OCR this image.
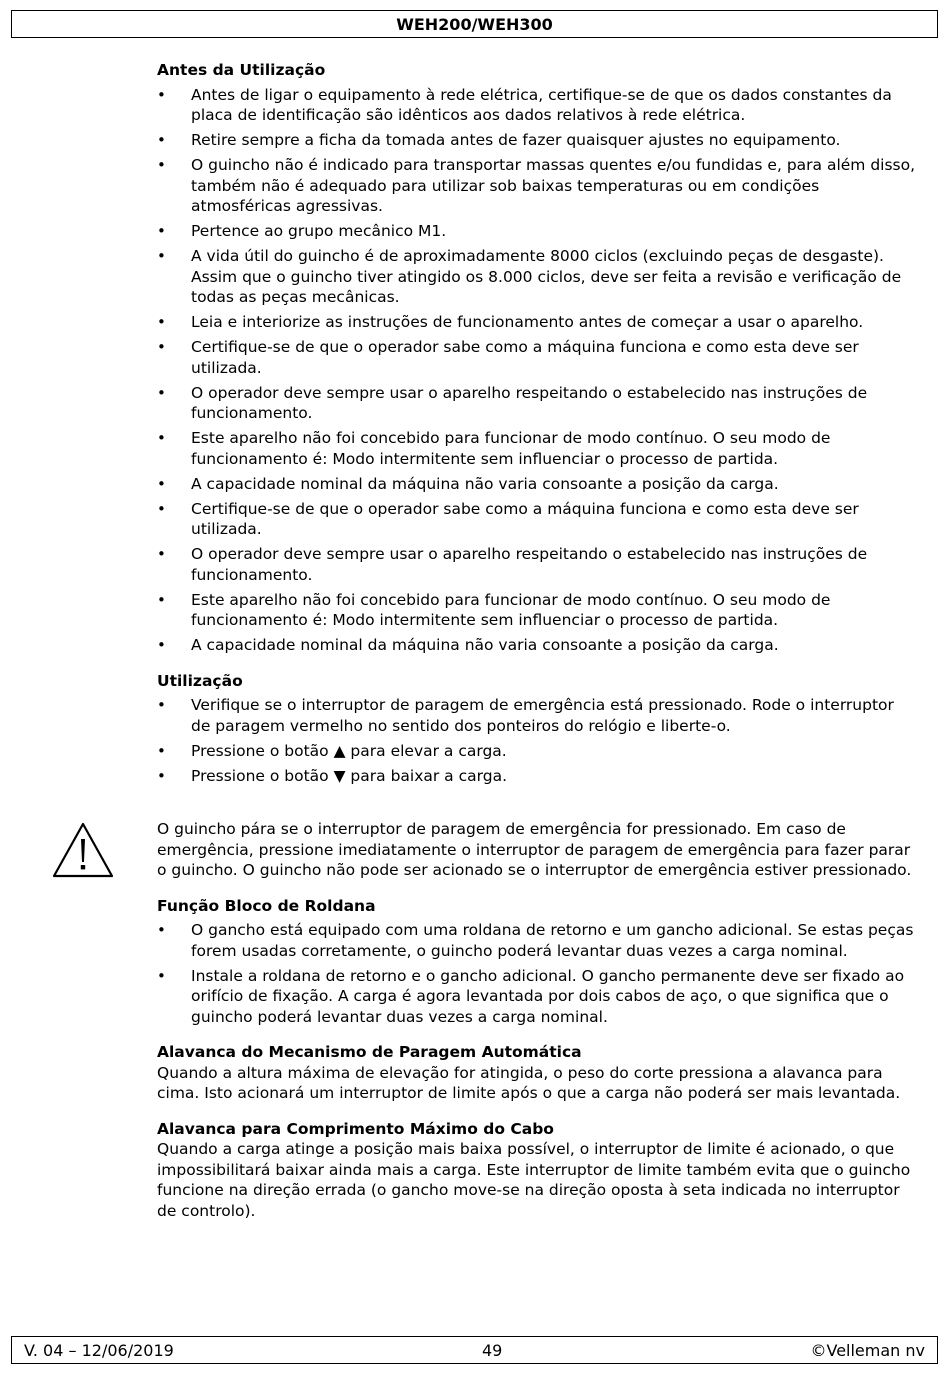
WEH200/WEH300
Antes da Utilização
• Antes de ligar o equipamento à rede elétrica, certifique-se de que os dados constantes da placa de identificação são idênticos aos dados relativos à rede elétrica.
• Retire sempre a ficha da tomada antes de fazer quaisquer ajustes no equipamento.
• O guincho não é indicado para transportar massas quentes e/ou fundidas e, para além disso, também não é adequado para utilizar sob baixas temperaturas ou em condições atmosféricas agressivas.
• Pertence ao grupo mecânico M1.
• A vida útil do guincho é de aproximadamente 8000 ciclos (excluindo peças de desgaste). Assim que o guincho tiver atingido os 8.000 ciclos, deve ser feita a revisão e verificação de todas as peças mecânicas.
• Leia e interiorize as instruções de funcionamento antes de começar a usar o aparelho.
• Certifique-se de que o operador sabe como a máquina funciona e como esta deve ser utilizada.
• O operador deve sempre usar o aparelho respeitando o estabelecido nas instruções de funcionamento.
• Este aparelho não foi concebido para funcionar de modo contínuo. O seu modo de funcionamento é: Modo intermitente sem influenciar o processo de partida.
• A capacidade nominal da máquina não varia consoante a posição da carga.
• Certifique-se de que o operador sabe como a máquina funciona e como esta deve ser utilizada.
• O operador deve sempre usar o aparelho respeitando o estabelecido nas instruções de funcionamento.
• Este aparelho não foi concebido para funcionar de modo contínuo. O seu modo de funcionamento é: Modo intermitente sem influenciar o processo de partida.
• A capacidade nominal da máquina não varia consoante a posição da carga.
Utilização
• Verifique se o interruptor de paragem de emergência está pressionado. Rode o interruptor de paragem vermelho no sentido dos ponteiros do relógio e liberte-o.
• Pressione o botão ▲ para elevar a carga.
• Pressione o botão ▼ para baixar a carga.

O guincho pára se o interruptor de paragem de emergência for pressionado. Em caso de emergência, pressione imediatamente o interruptor de paragem de emergência para fazer parar o guincho. O guincho não pode ser acionado se o interruptor de emergência estiver pressionado.

Função Bloco de Roldana
• O gancho está equipado com uma roldana de retorno e um gancho adicional. Se estas peças forem usadas corretamente, o guincho poderá levantar duas vezes a carga nominal.
• Instale a roldana de retorno e o gancho adicional. O gancho permanente deve ser fixado ao orifício de fixação. A carga é agora levantada por dois cabos de aço, o que significa que o guincho poderá levantar duas vezes a carga nominal.
Alavanca do Mecanismo de Paragem Automática

Quando a altura máxima de elevação for atingida, o peso do corte pressiona a alavanca para cima. Isto acionará um interruptor de limite após o que a carga não poderá ser mais levantada.

Alavanca para Comprimento Máximo do Cabo

Quando a carga atinge a posição mais baixa possível, o interruptor de limite é acionado, o que impossibilitará baixar ainda mais a carga. Este interruptor de limite também evita que o guincho funcione na direção errada (o gancho move-se na direção oposta à seta indicada no interruptor de controlo).

V. 04 – 12/06/2019	49	©Velleman nv
